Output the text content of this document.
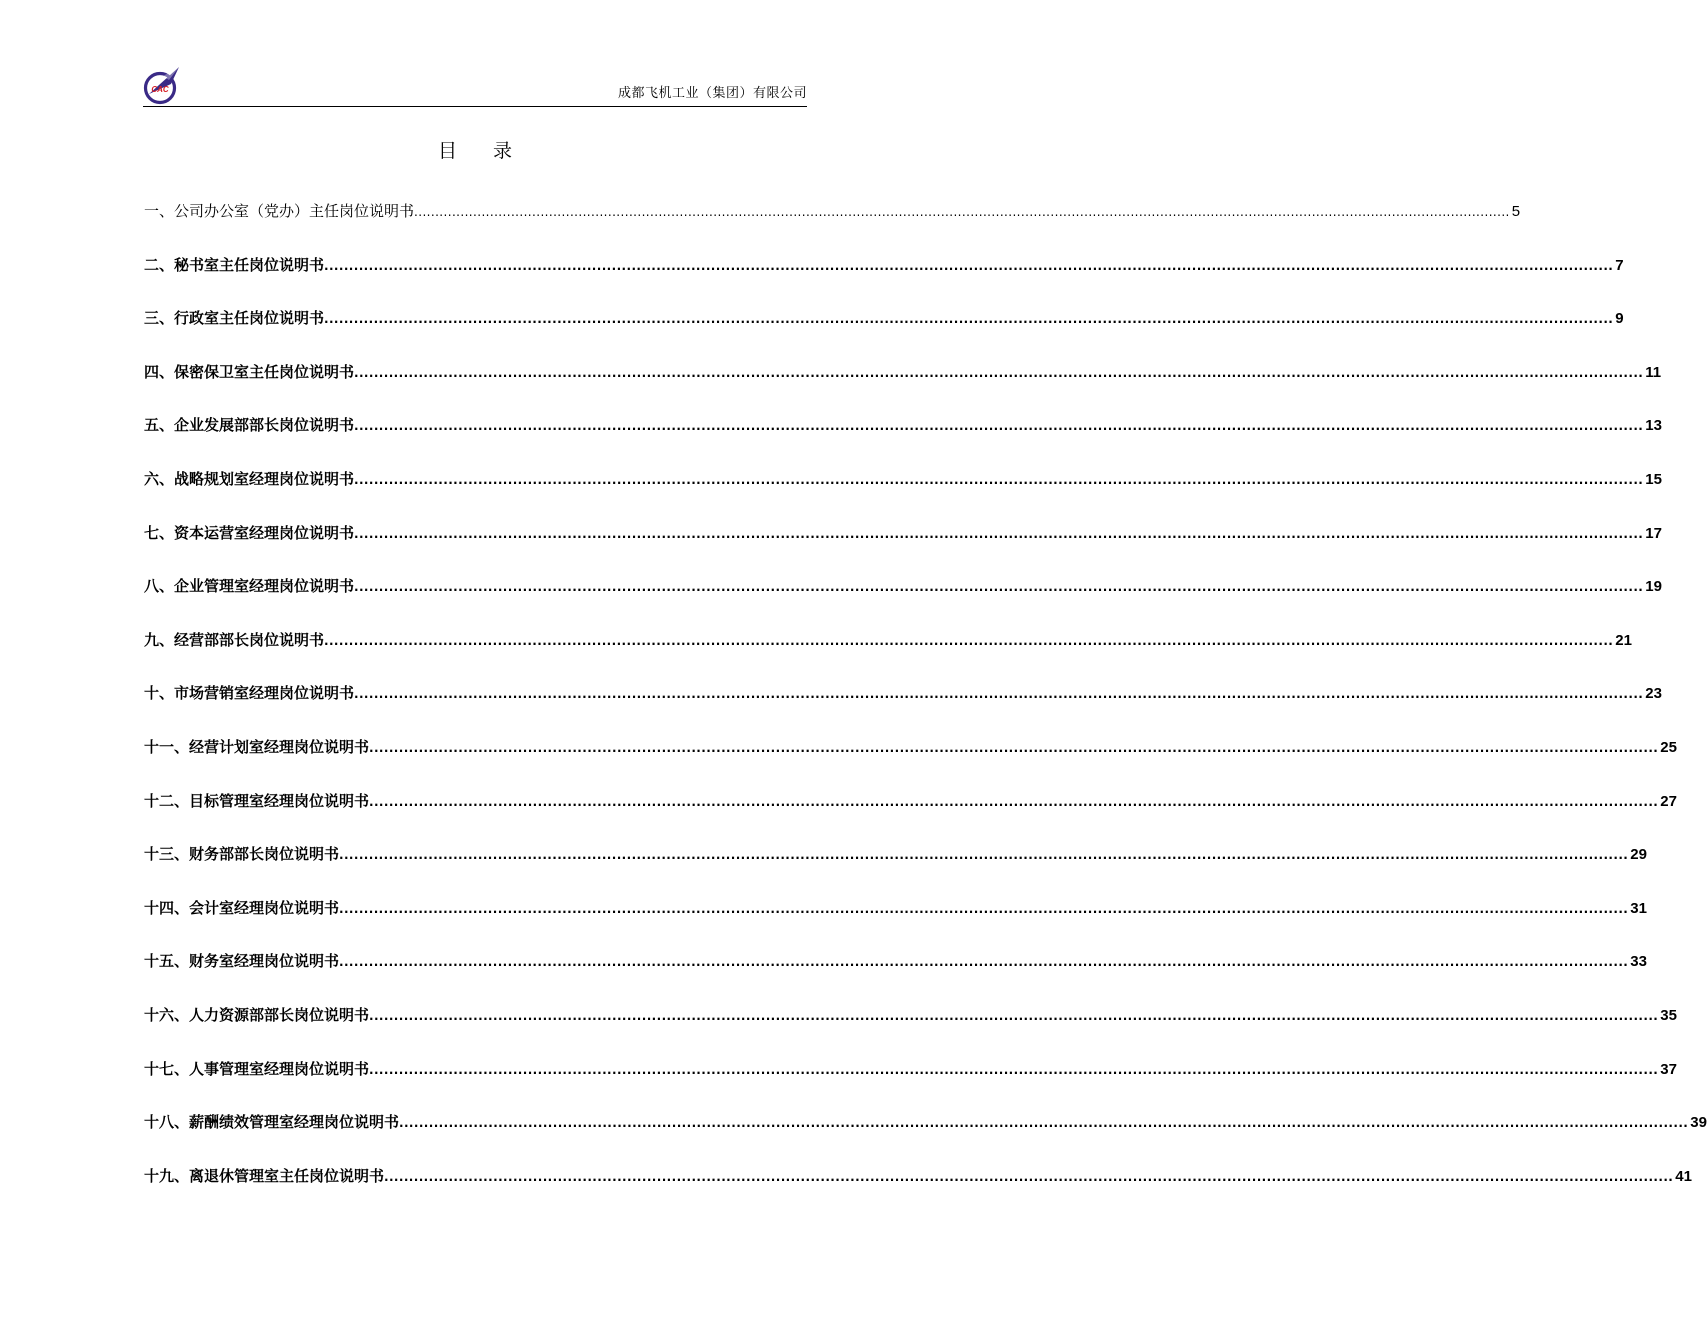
CAC	成都飞机工业（集团）有限公司
目录
一、公司办公室（党办）主任岗位说明书 .................................................................................................................................................................................................................................................................... 5
二、秘书室主任岗位说明书 .................................................................................................................................................................................................................................................................... 7
三、行政室主任岗位说明书 .................................................................................................................................................................................................................................................................... 9
四、保密保卫室主任岗位说明书 .................................................................................................................................................................................................................................................................... 11
五、企业发展部部长岗位说明书 .................................................................................................................................................................................................................................................................... 13
六、战略规划室经理岗位说明书 .................................................................................................................................................................................................................................................................... 15
七、资本运营室经理岗位说明书 .................................................................................................................................................................................................................................................................... 17
八、企业管理室经理岗位说明书 .................................................................................................................................................................................................................................................................... 19
九、经营部部长岗位说明书 .................................................................................................................................................................................................................................................................... 21
十、市场营销室经理岗位说明书 .................................................................................................................................................................................................................................................................... 23
十一、经营计划室经理岗位说明书 .................................................................................................................................................................................................................................................................... 25
十二、目标管理室经理岗位说明书 .................................................................................................................................................................................................................................................................... 27
十三、财务部部长岗位说明书 .................................................................................................................................................................................................................................................................... 29
十四、会计室经理岗位说明书 .................................................................................................................................................................................................................................................................... 31
十五、财务室经理岗位说明书 .................................................................................................................................................................................................................................................................... 33
十六、人力资源部部长岗位说明书 .................................................................................................................................................................................................................................................................... 35
十七、人事管理室经理岗位说明书 .................................................................................................................................................................................................................................................................... 37
十八、薪酬绩效管理室经理岗位说明书 .................................................................................................................................................................................................................................................................... 39
十九、离退休管理室主任岗位说明书 .................................................................................................................................................................................................................................................................... 41
